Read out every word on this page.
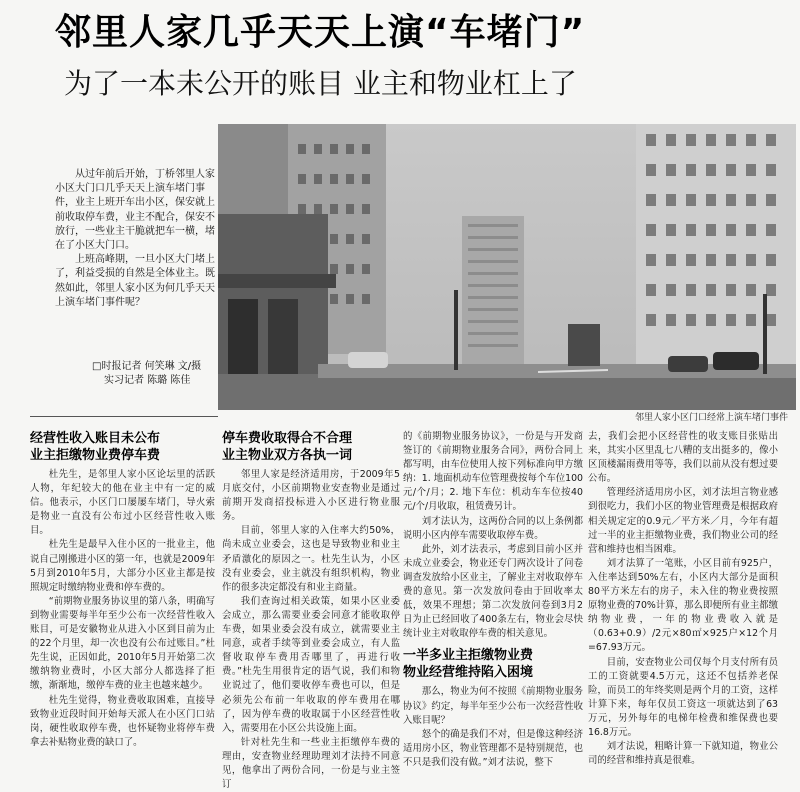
邻里人家几乎天天上演“车堵门”
为了一本未公开的账目 业主和物业杠上了

从过年前后开始，丁桥邻里人家小区大门口几乎天天上演车堵门事件，业主上班开车出小区，保安就上前收取停车费，业主不配合，保安不放行，一些业主干脆就把车一横，堵在了小区大门口。

上班高峰期，一旦小区大门堵上了，利益受损的自然是全体业主。既然如此，邻里人家小区为何几乎天天上演车堵门事件呢？

□时报记者 何笑琳 文/摄
实习记者 陈璐 陈佳
邻里人家小区门口经常上演车堵门事件
经营性收入账目未公布
业主拒缴物业费停车费

杜先生，是邻里人家小区论坛里的活跃人物，年纪较大的他在业主中有一定的威信。他表示，小区门口屡屡车堵门，导火索是物业一直没有公布过小区经营性收入账目。

杜先生是最早入住小区的一批业主，他说自己刚搬进小区的第一年，也就是2009年5月到2010年5月，大部分小区业主都是按照规定时缴纳物业费和停车费的。

“前期物业服务协议里的第八条，明确写到物业需要每半年至少公布一次经营性收入账目，可是安徽物业从进入小区到目前为止的22个月里，却一次也没有公布过账目。”杜先生说，正因如此，2010年5月开始第二次缴纳物业费时，小区大部分人都选择了拒缴，渐渐地，缴停车费的业主也越来越少。

杜先生觉得，物业费收取困难，直接导致物业近段时间开始每天派人在小区门口站岗，硬性收取停车费，也怀疑物业将停车费拿去补贴物业费的缺口了。

停车费收取得合不合理
业主物业双方各执一词

邻里人家是经济适用房，于2009年5月底交付，小区前期物业安查物业是通过前期开发商招投标进入小区进行物业服务。

目前，邻里人家的入住率大约50%，尚未成立业委会，这也是导致物业和业主矛盾激化的原因之一。杜先生认为，小区没有业委会，业主就没有组织机构，物业作的很多决定都没有和业主商量。

我们查询过相关政策，如果小区业委会成立，那么需要业委会同意才能收取停车费，如果业委会没有成立，就需要业主同意，或者手续等到业委会成立，有人监督收取停车费用否哪里了，再进行收费。”杜先生用很肯定的语气说，我们和物业说过了，他们要收停车费也可以，但是必须先公布前一年收取的停车费用在哪了，因为停车费的收取属于小区经营性收入，需要用在小区公共设施上面。

针对杜先生和一些业主拒缴停车费的理由，安查物业经理助理刘才法持不同意见，他拿出了两份合同，一份是与业主签订

的《前期物业服务协议》，一份是与开发商签订的《前期物业服务合同》，两份合同上都写明，由车位使用人按下列标准向甲方缴纳：1. 地面机动车位管理费按每个车位100元/个/月；2. 地下车位：机动车车位按40元/个/月收取，租赁费另计。

刘才法认为，这两份合同的以上条例都说明小区内停车需要收取停车费。

此外，刘才法表示，考虑到目前小区并未成立业委会，物业还专门两次设计了问卷调查发放给小区业主，了解业主对收取停车费的意见。第一次发放问卷由于回收率太低，效果不理想；第二次发放问卷到3月2日为止已经回收了400条左右，物业会尽快统计业主对收取停车费的相关意见。

一半多业主拒缴物业费
物业经营维持陷入困境

那么，物业为何不按照《前期物业服务协议》约定，每半年至少公布一次经营性收入账目呢？

怒个的确是我们不对，但是像这种经济适用房小区，物业管理都不是特别规范，也不只是我们没有做。”刘才法说，整下

去，我们会把小区经营性的收支账目张贴出来，其实小区里乱七八糟的支出挺多的，像小区顶楼漏雨费用等等，我们以前从没有想过要公布。

管理经济适用房小区，刘才法坦言物业感到很吃力，我们小区的物业管理费是根据政府相关规定定的0.9元／平方米／月，今年有超过一半的业主拒缴物业费，我们物业公司的经营和维持也相当困难。

刘才法算了一笔账，小区目前有925户，入住率达到50%左右，小区内大部分是面积80平方米左右的房子，未入住的物业费按照原物业费的70%计算，那么即便所有业主都缴纳物业费，一年的物业费收入就是（0.63+0.9）/2元×80㎡×925户×12个月=67.93万元。

目前，安查物业公司仅每个月支付所有员工的工资就要4.5万元，这还不包括养老保险，而员工的年终奖则是两个月的工资，这样计算下来，每年仅员工资这一项就达到了63万元，另外每年的电梯年检费和维保费也要16.8万元。

刘才法说，粗略计算一下就知道，物业公司的经营和维持真是很难。
